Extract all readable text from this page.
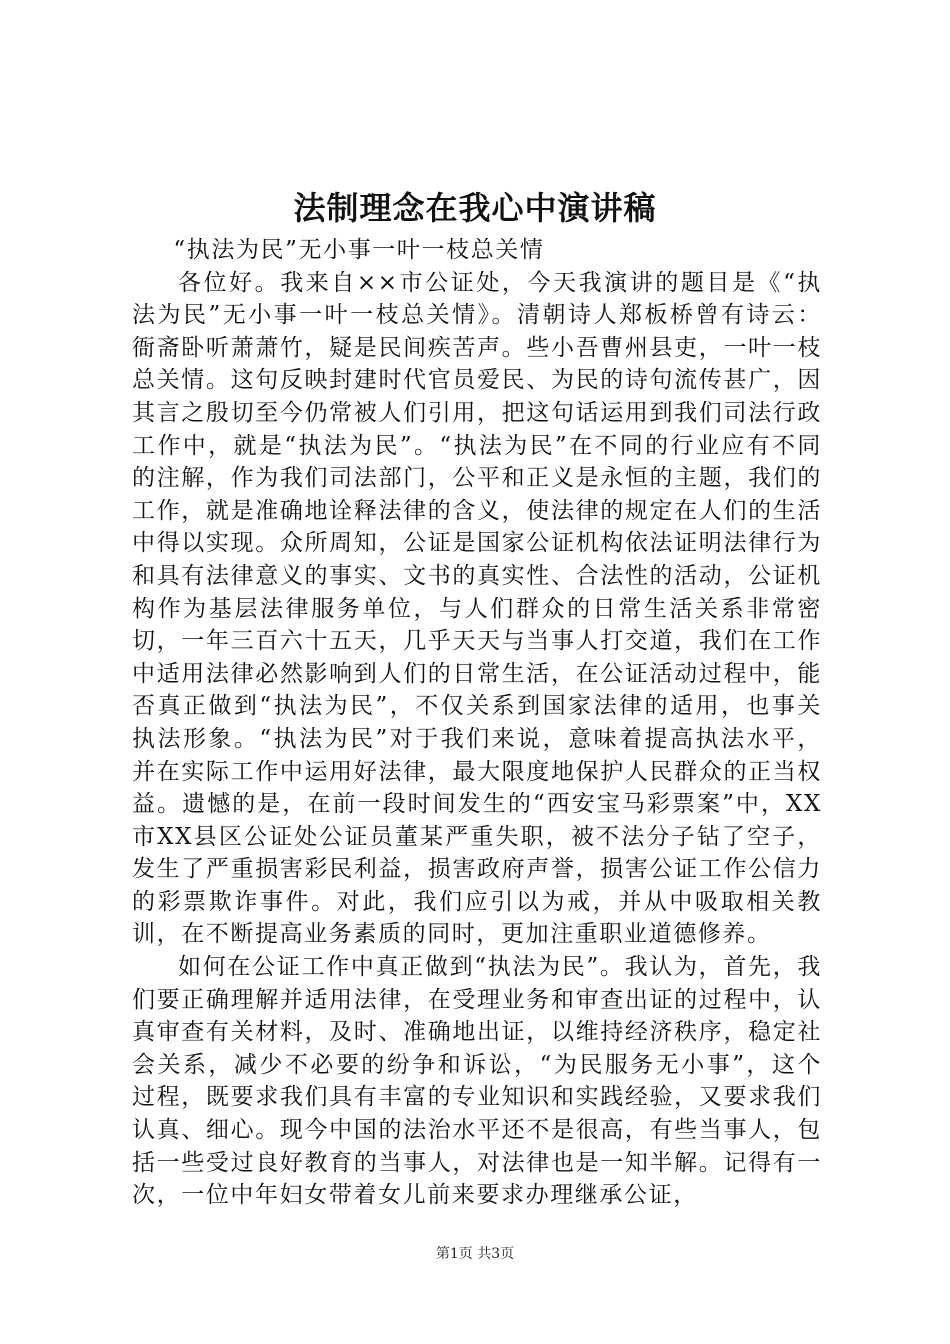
法制理念在我心中演讲稿

“执法为民”无小事一叶一枝总关情

各位好。我来自××市公证处，今天我演讲的题目是《“执法为民”无小事一叶一枝总关情》。清朝诗人郑板桥曾有诗云：衙斋卧听萧萧竹，疑是民间疾苦声。些小吾曹州县吏，一叶一枝总关情。这句反映封建时代官员爱民、为民的诗句流传甚广，因其言之殷切至今仍常被人们引用，把这句话运用到我们司法行政工作中，就是“执法为民”。“执法为民”在不同的行业应有不同的注解，作为我们司法部门，公平和正义是永恒的主题，我们的工作，就是准确地诠释法律的含义，使法律的规定在人们的生活中得以实现。众所周知，公证是国家公证机构依法证明法律行为和具有法律意义的事实、文书的真实性、合法性的活动，公证机构作为基层法律服务单位，与人们群众的日常生活关系非常密切，一年三百六十五天，几乎天天与当事人打交道，我们在工作中适用法律必然影响到人们的日常生活，在公证活动过程中，能否真正做到“执法为民”，不仅关系到国家法律的适用，也事关执法形象。“执法为民”对于我们来说，意味着提高执法水平，并在实际工作中运用好法律，最大限度地保护人民群众的正当权益。遗憾的是，在前一段时间发生的“西安宝马彩票案”中，XX市XX县区公证处公证员董某严重失职，被不法分子钻了空子，发生了严重损害彩民利益，损害政府声誉，损害公证工作公信力的彩票欺诈事件。对此，我们应引以为戒，并从中吸取相关教训，在不断提高业务素质的同时，更加注重职业道德修养。

如何在公证工作中真正做到“执法为民”。我认为，首先，我们要正确理解并适用法律，在受理业务和审查出证的过程中，认真审查有关材料，及时、准确地出证，以维持经济秩序，稳定社会关系，减少不必要的纷争和诉讼，“为民服务无小事”，这个过程，既要求我们具有丰富的专业知识和实践经验，又要求我们认真、细心。现今中国的法治水平还不是很高，有些当事人，包括一些受过良好教育的当事人，对法律也是一知半解。记得有一次，一位中年妇女带着女儿前来要求办理继承公证，

第1页 共3页
